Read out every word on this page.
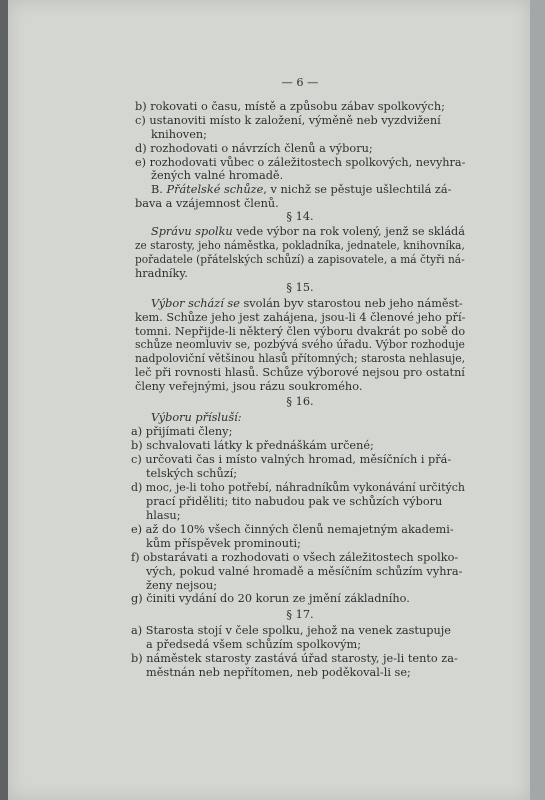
— 6 —
b) rokovati o času, místě a způsobu zábav spolkových;
c) ustanoviti místo k založení, výměně neb vyzdvižení
knihoven;
d) rozhodovati o návrzích členů a výboru;
e) rozhodovati vůbec o záležitostech spolkových, nevyhra-
žených valné hromadě.
B. Přátelské schůze, v nichž se pěstuje ušlechtilá zá-
bava a vzájemnost členů.
§ 14.
Správu spolku vede výbor na rok volený, jenž se skládá
ze starosty, jeho náměstka, pokladníka, jednatele, knihovníka,
pořadatele (přátelských schůzí) a zapisovatele, a má čtyři ná-
hradníky.
§ 15.
Výbor schází se svolán byv starostou neb jeho náměst-
kem. Schůze jeho jest zahájena, jsou-li 4 členové jeho pří-
tomni. Nepřijde-li některý člen výboru dvakrát po sobě do
schůze neomluviv se, pozbývá svého úřadu. Výbor rozhoduje
nadpoloviční většinou hlasů přítomných; starosta nehlasuje,
leč při rovnosti hlasů. Schůze výborové nejsou pro ostatní
členy veřejnými, jsou rázu soukromého.
§ 16.
Výboru přísluší:
a) přijímati členy;
b) schvalovati látky k přednáškám určené;
c) určovati čas i místo valných hromad, měsíčních i přá-
telských schůzí;
d) moc, je-li toho potřebí, náhradníkům vykonávání určitých
prací přiděliti; tito nabudou pak ve schůzích výboru
hlasu;
e) až do 10% všech činných členů nemajetným akademi-
kům příspěvek prominouti;
f) obstarávati a rozhodovati o všech záležitostech spolko-
vých, pokud valné hromadě a měsíčním schůzím vyhra-
ženy nejsou;
g) činiti vydání do 20 korun ze jmění základního.
§ 17.
a) Starosta stojí v čele spolku, jehož na venek zastupuje
a předsedá všem schůzím spolkovým;
b) náměstek starosty zastává úřad starosty, je-li tento za-
městnán neb nepřítomen, neb poděkoval-li se;
